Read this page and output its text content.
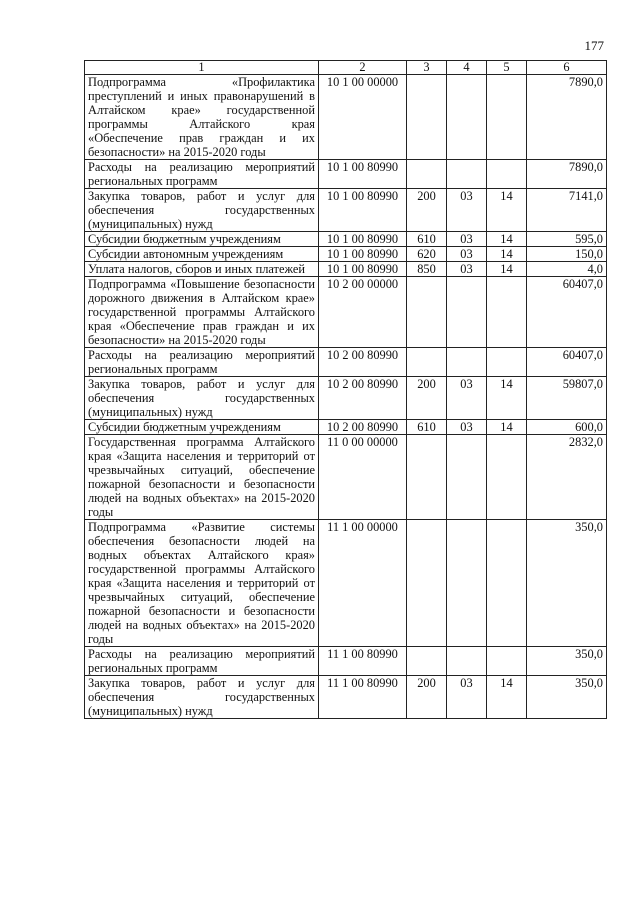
177
1	2	3	4	5	6
Подпрограмма «Профилактика преступлений и иных правонарушений в Алтайском крае» государственной программы Алтайского края «Обеспечение прав граждан и их безопасности» на 2015-2020 годы	10 1 00 00000				7890,0
Расходы на реализацию мероприятий региональных программ	10 1 00 80990				7890,0
Закупка товаров, работ и услуг для обеспечения государственных (муниципальных) нужд	10 1 00 80990	200	03	14	7141,0
Субсидии бюджетным учреждениям	10 1 00 80990	610	03	14	595,0
Субсидии автономным учреждениям	10 1 00 80990	620	03	14	150,0
Уплата налогов, сборов и иных платежей	10 1 00 80990	850	03	14	4,0
Подпрограмма «Повышение безопасности дорожного движения в Алтайском крае» государственной программы Алтайского края «Обеспечение прав граждан и их безопасности» на 2015-2020 годы	10 2 00 00000				60407,0
Расходы на реализацию мероприятий региональных программ	10 2 00 80990				60407,0
Закупка товаров, работ и услуг для обеспечения государственных (муниципальных) нужд	10 2 00 80990	200	03	14	59807,0
Субсидии бюджетным учреждениям	10 2 00 80990	610	03	14	600,0
Государственная программа Алтайского края «Защита населения и территорий от чрезвычайных ситуаций, обеспечение пожарной безопасности и безопасности людей на водных объектах» на 2015-2020 годы	11 0 00 00000				2832,0
Подпрограмма «Развитие системы обеспечения безопасности людей на водных объектах Алтайского края» государственной программы Алтайского края «Защита населения и территорий от чрезвычайных ситуаций, обеспечение пожарной безопасности и безопасности людей на водных объектах» на 2015-2020 годы	11 1 00 00000				350,0
Расходы на реализацию мероприятий региональных программ	11 1 00 80990				350,0
Закупка товаров, работ и услуг для обеспечения государственных (муниципальных) нужд	11 1 00 80990	200	03	14	350,0
